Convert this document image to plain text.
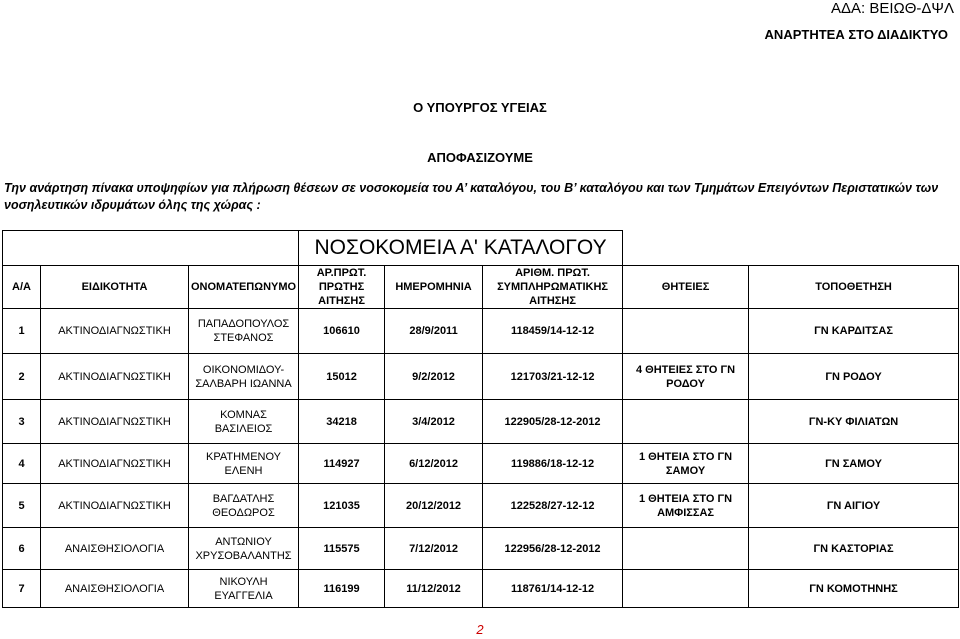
ΑΔΑ: ΒΕΙΩΘ-ΔΨΛ
ΑΝΑΡΤΗΤΕΑ ΣΤΟ ΔΙΑΔΙΚΤΥΟ
Ο ΥΠΟΥΡΓΟΣ ΥΓΕΙΑΣ
ΑΠΟΦΑΣΙΖΟΥΜΕ
Την ανάρτηση πίνακα υποψηφίων για πλήρωση θέσεων σε νοσοκομεία του Α’ καταλόγου, του Β’ καταλόγου και των Τμημάτων Επειγόντων Περιστατικών των νοσηλευτικών ιδρυμάτων όλης της χώρας :
			ΝΟΣΟΚΟΜΕΙΑ Α' ΚΑΤΑΛΟΓΟΥ				
Α/Α	ΕΙΔΙΚΟΤΗΤΑ	ΟΝΟΜΑΤΕΠΩΝΥΜΟ	ΑΡ.ΠΡΩΤ. ΠΡΩΤΗΣ ΑΙΤΗΣΗΣ	ΗΜΕΡΟΜΗΝΙΑ	ΑΡΙΘΜ. ΠΡΩΤ. ΣΥΜΠΛΗΡΩΜΑΤΙΚΗΣ ΑΙΤΗΣΗΣ	ΘΗΤΕΙΕΣ	ΤΟΠΟΘΕΤΗΣΗ
1	ΑΚΤΙΝΟΔΙΑΓΝΩΣΤΙΚΗ	ΠΑΠΑΔΟΠΟΥΛΟΣ ΣΤΕΦΑΝΟΣ	106610	28/9/2011	118459/14-12-12		ΓΝ ΚΑΡΔΙΤΣΑΣ
2	ΑΚΤΙΝΟΔΙΑΓΝΩΣΤΙΚΗ	ΟΙΚΟΝΟΜΙΔΟΥ-ΣΑΛΒΑΡΗ ΙΩΑΝΝΑ	15012	9/2/2012	121703/21-12-12	4 ΘΗΤΕΙΕΣ ΣΤΟ ΓΝ ΡΟΔΟΥ	ΓΝ ΡΟΔΟΥ
3	ΑΚΤΙΝΟΔΙΑΓΝΩΣΤΙΚΗ	ΚΟΜΝΑΣ ΒΑΣΙΛΕΙΟΣ	34218	3/4/2012	122905/28-12-2012		ΓΝ-ΚΥ ΦΙΛΙΑΤΩΝ
4	ΑΚΤΙΝΟΔΙΑΓΝΩΣΤΙΚΗ	ΚΡΑΤΗΜΕΝΟΥ ΕΛΕΝΗ	114927	6/12/2012	119886/18-12-12	1 ΘΗΤΕΙΑ ΣΤΟ ΓΝ ΣΑΜΟΥ	ΓΝ ΣΑΜΟΥ
5	ΑΚΤΙΝΟΔΙΑΓΝΩΣΤΙΚΗ	ΒΑΓΔΑΤΛΗΣ ΘΕΟΔΩΡΟΣ	121035	20/12/2012	122528/27-12-12	1 ΘΗΤΕΙΑ ΣΤΟ ΓΝ ΑΜΦΙΣΣΑΣ	ΓΝ ΑΙΓΙΟΥ
6	ΑΝΑΙΣΘΗΣΙΟΛΟΓΙΑ	ΑΝΤΩΝΙΟΥ ΧΡΥΣΟΒΑΛΑΝΤΗΣ	115575	7/12/2012	122956/28-12-2012		ΓΝ ΚΑΣΤΟΡΙΑΣ
7	ΑΝΑΙΣΘΗΣΙΟΛΟΓΙΑ	ΝΙΚΟΥΛΗ ΕΥΑΓΓΕΛΙΑ	116199	11/12/2012	118761/14-12-12		ΓΝ ΚΟΜΟΤΗΝΗΣ
2
